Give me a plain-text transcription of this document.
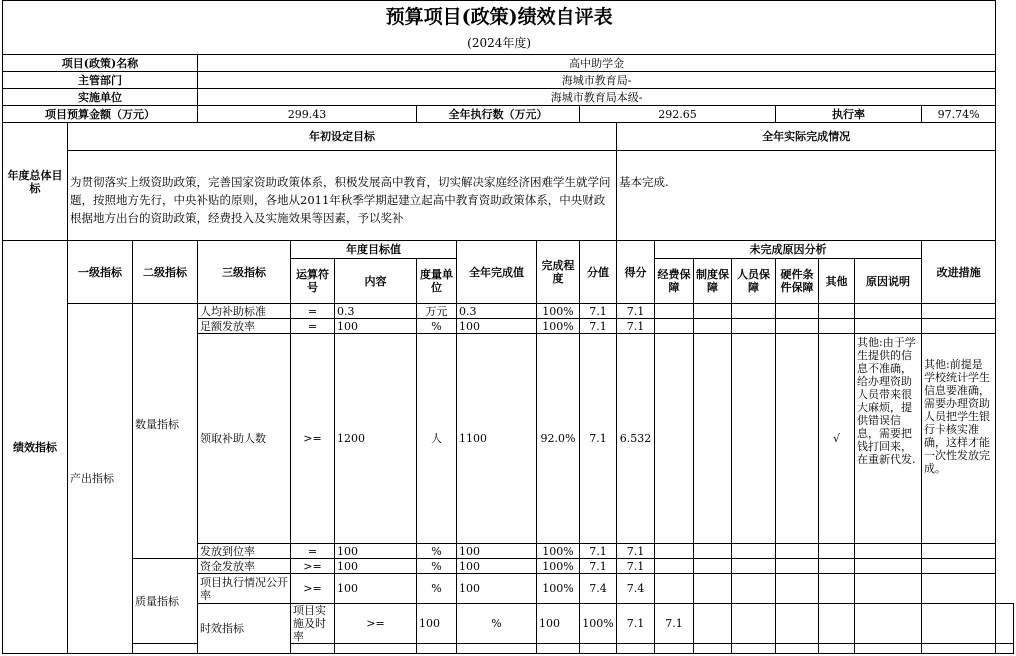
预算项目(政策)绩效自评表																		
(2024年度)																		
项目(政策)名称			高中助学金															
主管部门			海城市教育局-															
实施单位			海城市教育局本级-															
项目预算金额（万元）			299.43			全年执行数（万元）			292.65					执行率			97.74%	
年度总体目标	年初设定目标									全年实际完成情况								
	为贯彻落实上级资助政策，完善国家资助政策体系，积极发展高中教育，切实解决家庭经济困难学生就学问题，按照地方先行，中央补贴的原则，各地从2011年秋季学期起建立起高中教育资助政策体系，中央财政根据地方出台的资助政策，经费投入及实施效果等因素，予以奖补									基本完成.								
绩效指标	一级指标	二级指标	三级指标	年度目标值			全年完成值	完成程度	分值	得分	未完成原因分析						改进措施	
				运算符号	内容	度量单位					经费保障	制度保障	人员保障	硬件条件保障	其他	原因说明		
	产出指标	数量指标	人均补助标准	=	0.3	万元	0.3	100%	7.1	7.1								
			足额发放率	=	100	%	100	100%	7.1	7.1								
			领取补助人数	>=	1200	人	1100	92.0%	7.1	6.532					√	其他:由于学生提供的信息不准确，给办理资助人员带来很大麻烦，提供错误信息，需要把钱打回来，在重新代发.	其他:前提是学校统计学生信息要准确，需要办理资助人员把学生银行卡核实准确，这样才能一次性发放完成。	
			发放到位率	=	100	%	100	100%	7.1	7.1								
		质量指标	资金发放率	>=	100	%	100	100%	7.1	7.1								
			项目执行情况公开率	>=	100	%	100	100%	7.4	7.4								
			时效指标	项目实施及时率	>=	100	%	100	100%	7.1	7.1							
